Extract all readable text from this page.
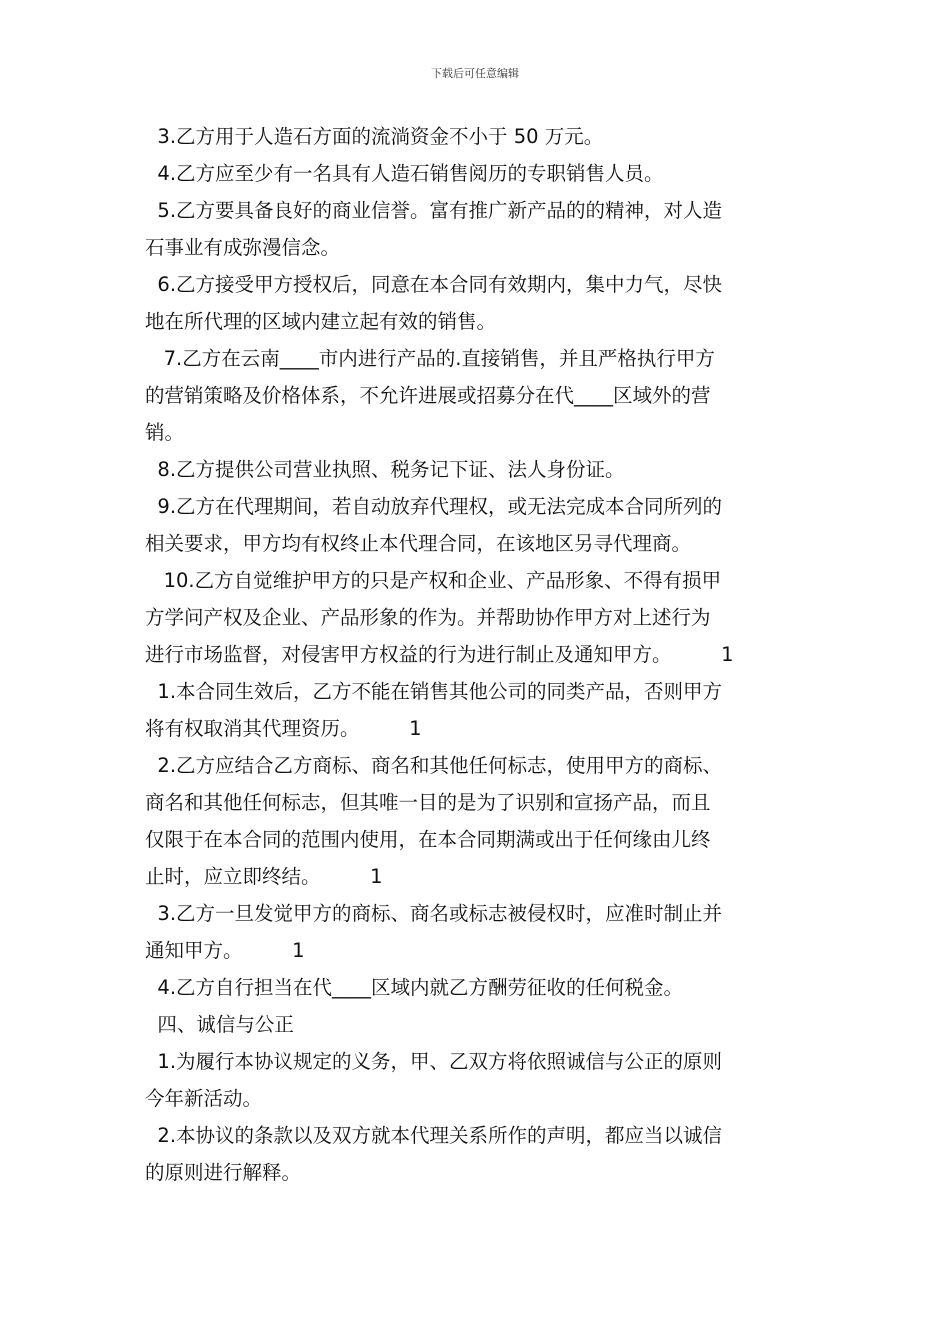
下载后可任意编辑
3.乙方用于人造石方面的流淌资金不小于 50 万元。
4.乙方应至少有一名具有人造石销售阅历的专职销售人员。
5.乙方要具备良好的商业信誉。富有推广新产品的的精神，对人造
石事业有成弥漫信念。
6.乙方接受甲方授权后，同意在本合同有效期内，集中力气，尽快
地在所代理的区域内建立起有效的销售。
7.乙方在云南____市内进行产品的.直接销售，并且严格执行甲方
的营销策略及价格体系，不允许进展或招募分在代____区域外的营
销。
8.乙方提供公司营业执照、税务记下证、法人身份证。
9.乙方在代理期间，若自动放弃代理权，或无法完成本合同所列的
相关要求，甲方均有权终止本代理合同，在该地区另寻代理商。
10.乙方自觉维护甲方的只是产权和企业、产品形象、不得有损甲
方学问产权及企业、产品形象的作为。并帮助协作甲方对上述行为
进行市场监督，对侵害甲方权益的行为进行制止及通知甲方。        1
1.本合同生效后，乙方不能在销售其他公司的同类产品，否则甲方
将有权取消其代理资历。        1
2.乙方应结合乙方商标、商名和其他任何标志，使用甲方的商标、
商名和其他任何标志，但其唯一目的是为了识别和宣扬产品，而且
仅限于在本合同的范围内使用，在本合同期满或出于任何缘由儿终
止时，应立即终结。        1
3.乙方一旦发觉甲方的商标、商名或标志被侵权时，应准时制止并
通知甲方。        1
4.乙方自行担当在代____区域内就乙方酬劳征收的任何税金。
四、诚信与公正
1.为履行本协议规定的义务，甲、乙双方将依照诚信与公正的原则
今年新活动。
2.本协议的条款以及双方就本代理关系所作的声明，都应当以诚信
的原则进行解释。
